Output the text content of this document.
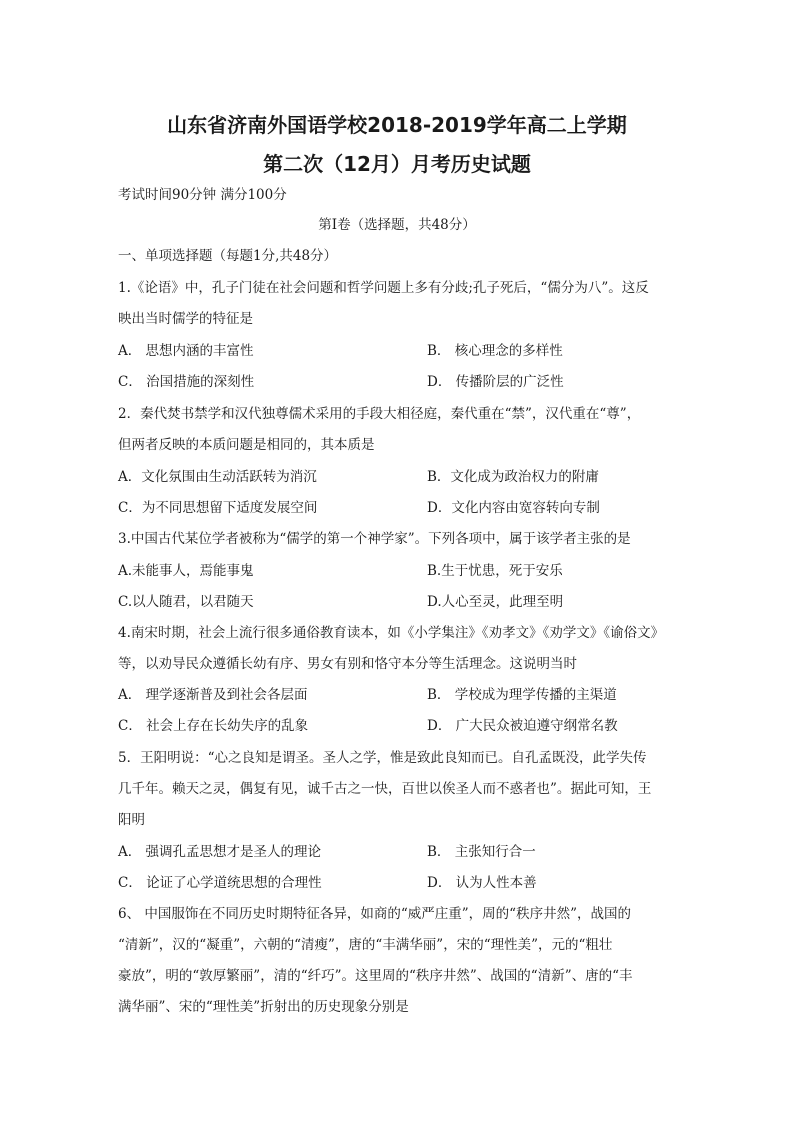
山东省济南外国语学校2018-2019学年高二上学期
第二次（12月）月考历史试题
考试时间90分钟 满分100分
第Ⅰ卷（选择题，共48分）
一、单项选择题（每题1分,共48分）
1.《论语》中，孔子门徒在社会问题和哲学问题上多有分歧;孔子死后，“儒分为八”。这反
映出当时儒学的特征是
A． 思想内涵的丰富性	B． 核心理念的多样性
C． 治国措施的深刻性	D． 传播阶层的广泛性
2．秦代焚书禁学和汉代独尊儒术采用的手段大相径庭，秦代重在“禁”，汉代重在“尊”，
但两者反映的本质问题是相同的，其本质是
A．文化氛围由生动活跃转为消沉	B．文化成为政治权力的附庸
C．为不同思想留下适度发展空间	D．文化内容由宽容转向专制
3.中国古代某位学者被称为“儒学的第一个神学家”。下列各项中，属于该学者主张的是
A.未能事人，焉能事鬼	B.生于忧患，死于安乐
C.以人随君，以君随天	D.人心至灵，此理至明
4.南宋时期，社会上流行很多通俗教育读本，如《小学集注》《劝孝文》《劝学文》《谕俗文》
等，以劝导民众遵循长幼有序、男女有别和恪守本分等生活理念。这说明当时
A． 理学逐渐普及到社会各层面	B． 学校成为理学传播的主渠道
C． 社会上存在长幼失序的乱象	D． 广大民众被迫遵守纲常名教
5．王阳明说：“心之良知是谓圣。圣人之学，惟是致此良知而已。自孔孟既没，此学失传
几千年。赖天之灵，偶复有见，诚千古之一快，百世以俟圣人而不惑者也”。据此可知，王
阳明
A． 强调孔孟思想才是圣人的理论	B． 主张知行合一
C． 论证了心学道统思想的合理性	D． 认为人性本善
6、 中国服饰在不同历史时期特征各异，如商的“威严庄重”，周的“秩序井然”，战国的
“清新”，汉的“凝重”，六朝的“清瘦”，唐的“丰满华丽”，宋的“理性美”，元的“粗壮
豪放”，明的“敦厚繁丽”，清的“纤巧”。这里周的“秩序井然”、战国的“清新”、唐的“丰
满华丽”、宋的“理性美”折射出的历史现象分别是
